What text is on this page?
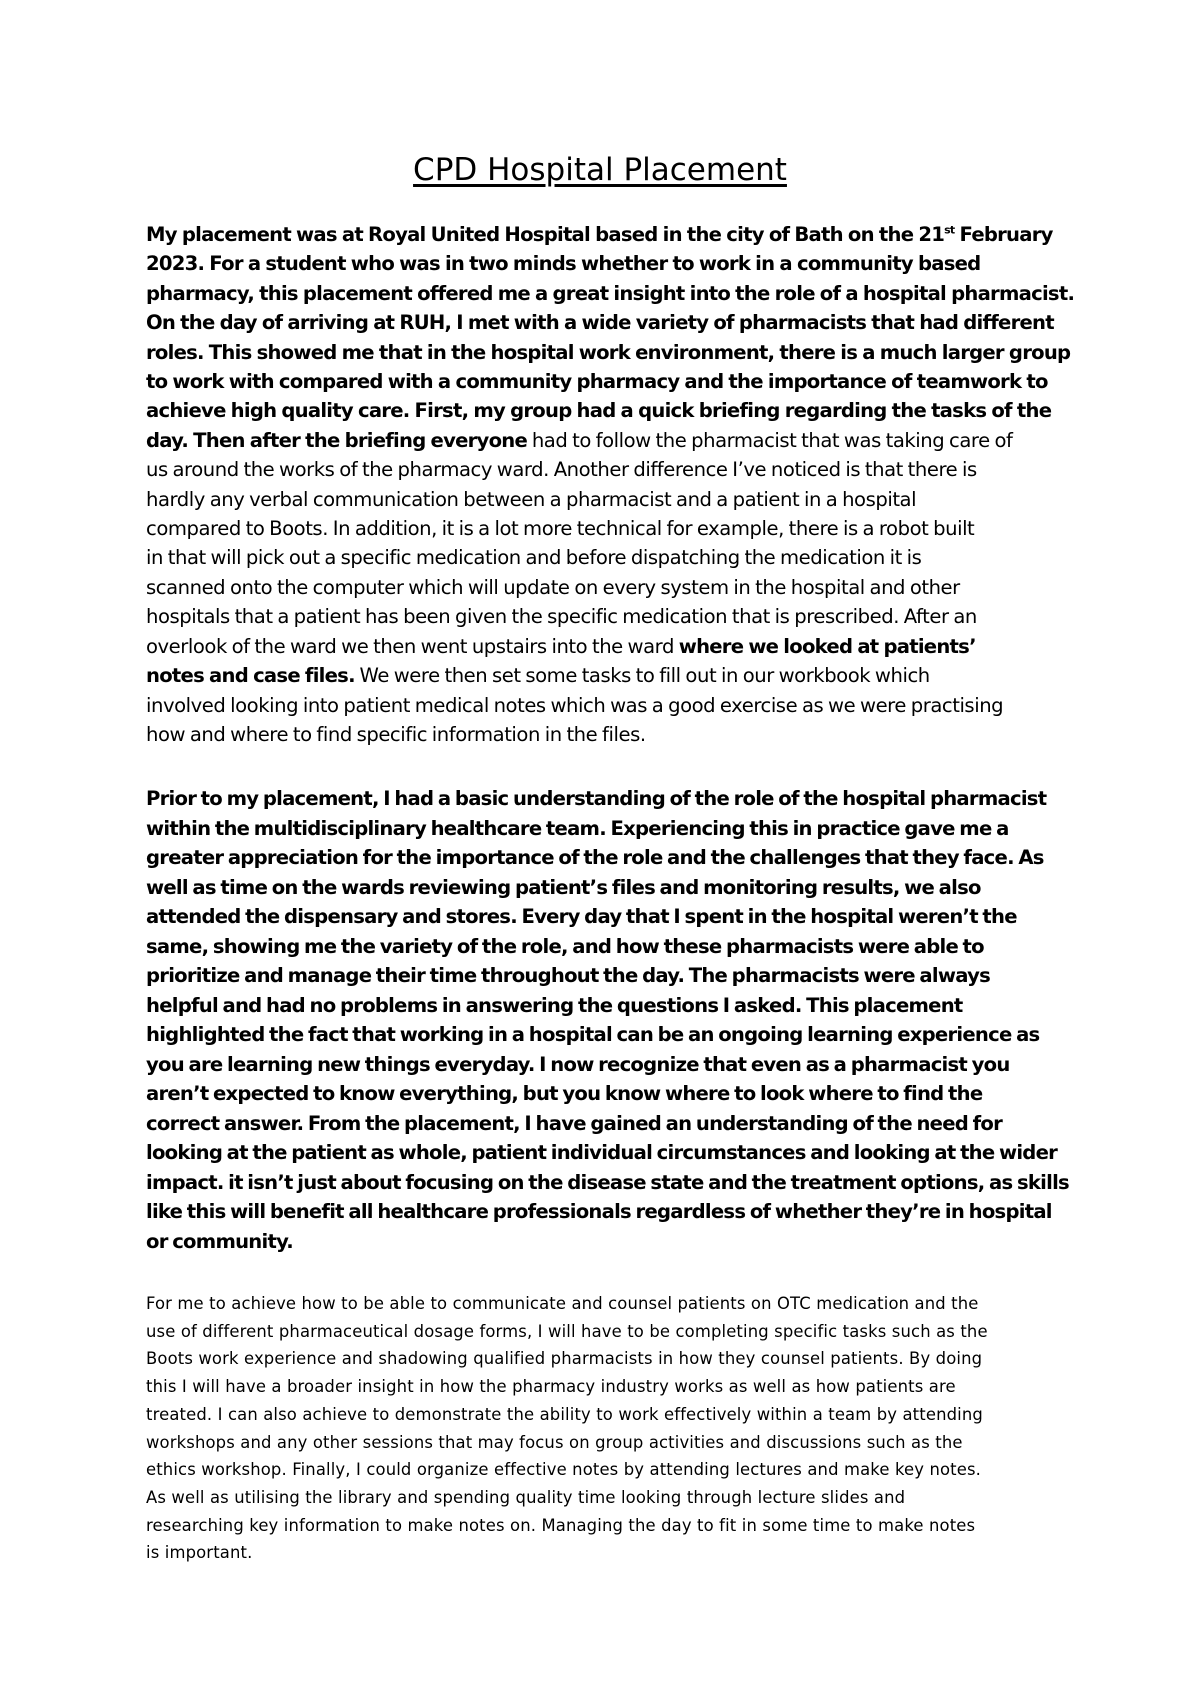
CPD Hospital Placement
My placement was at Royal United Hospital based in the city of Bath on the 21st February
2023. For a student who was in two minds whether to work in a community based
pharmacy, this placement offered me a great insight into the role of a hospital pharmacist.
On the day of arriving at RUH, I met with a wide variety of pharmacists that had different
roles. This showed me that in the hospital work environment, there is a much larger group
to work with compared with a community pharmacy and the importance of teamwork to
achieve high quality care. First, my group had a quick briefing regarding the tasks of the
day. Then after the briefing everyone had to follow the pharmacist that was taking care of
us around the works of the pharmacy ward. Another difference I’ve noticed is that there is
hardly any verbal communication between a pharmacist and a patient in a hospital
compared to Boots. In addition, it is a lot more technical for example, there is a robot built
in that will pick out a specific medication and before dispatching the medication it is
scanned onto the computer which will update on every system in the hospital and other
hospitals that a patient has been given the specific medication that is prescribed. After an
overlook of the ward we then went upstairs into the ward where we looked at patients’
notes and case files. We were then set some tasks to fill out in our workbook which
involved looking into patient medical notes which was a good exercise as we were practising
how and where to find specific information in the files.
Prior to my placement, I had a basic understanding of the role of the hospital pharmacist
within the multidisciplinary healthcare team. Experiencing this in practice gave me a
greater appreciation for the importance of the role and the challenges that they face. As
well as time on the wards reviewing patient’s files and monitoring results, we also
attended the dispensary and stores. Every day that I spent in the hospital weren’t the
same, showing me the variety of the role, and how these pharmacists were able to
prioritize and manage their time throughout the day. The pharmacists were always
helpful and had no problems in answering the questions I asked. This placement
highlighted the fact that working in a hospital can be an ongoing learning experience as
you are learning new things everyday. I now recognize that even as a pharmacist you
aren’t expected to know everything, but you know where to look where to find the
correct answer. From the placement, I have gained an understanding of the need for
looking at the patient as whole, patient individual circumstances and looking at the wider
impact. it isn’t just about focusing on the disease state and the treatment options, as skills
like this will benefit all healthcare professionals regardless of whether they’re in hospital
or community.
For me to achieve how to be able to communicate and counsel patients on OTC medication and the
use of different pharmaceutical dosage forms, I will have to be completing specific tasks such as the
Boots work experience and shadowing qualified pharmacists in how they counsel patients. By doing
this I will have a broader insight in how the pharmacy industry works as well as how patients are
treated. I can also achieve to demonstrate the ability to work effectively within a team by attending
workshops and any other sessions that may focus on group activities and discussions such as the
ethics workshop. Finally, I could organize effective notes by attending lectures and make key notes.
As well as utilising the library and spending quality time looking through lecture slides and
researching key information to make notes on. Managing the day to fit in some time to make notes
is important.
